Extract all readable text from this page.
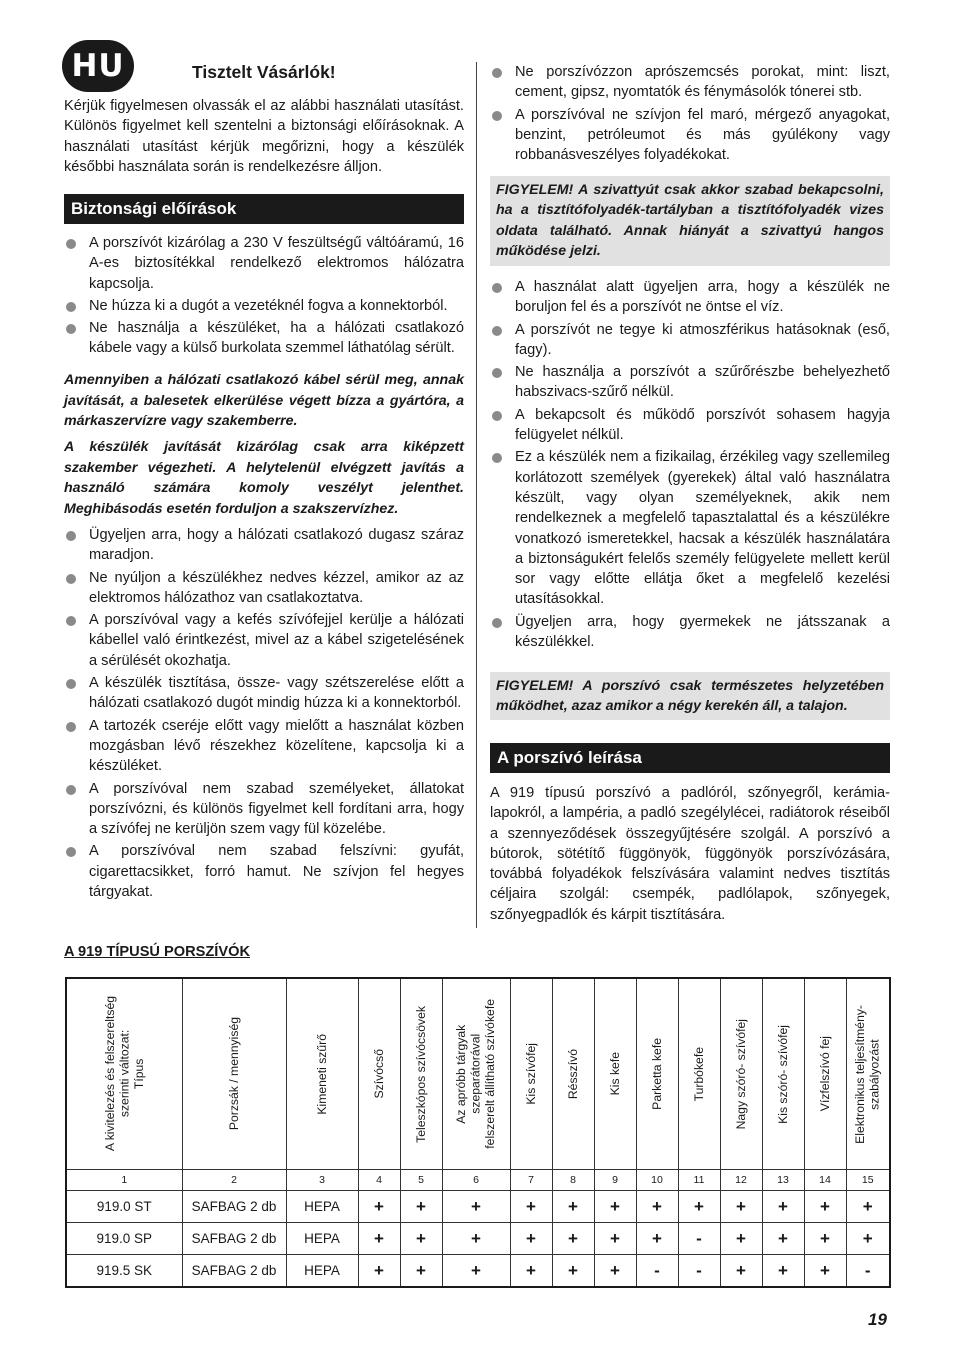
HU	Tisztelt Vásárlók!

Kérjük figyelmesen olvassák el az alábbi használati utasítást. Különös figyelmet kell szentelni a biztonsági előírásoknak. A használati utasítást kérjük megőrizni, hogy a készülék későbbi használata során is rendelkezésre álljon.

Biztonsági előírások
A porszívót kizárólag a 230 V feszültségű váltóáramú, 16 A-es biztosítékkal rendelkező elektromos hálózatra kapcsolja.
Ne húzza ki a dugót a vezetéknél fogva a konnektorból.
Ne használja a készüléket, ha a hálózati csatlakozó kábele vagy a külső burkolata szemmel láthatólag sérült.

Amennyiben a hálózati csatlakozó kábel sérül meg, annak javítását, a balesetek elkerülése végett bízza a gyártóra, a márkaszervízre vagy szakemberre.

A készülék javítását kizárólag csak arra kiképzett szakember végezheti. A helytelenül elvégzett javítás a használó számára komoly veszélyt jelenthet. Meghibásodás esetén forduljon a szakszervízhez.

Ügyeljen arra, hogy a hálózati csatlakozó dugasz száraz maradjon.
Ne nyúljon a készülékhez nedves kézzel, amikor az az elektromos hálózathoz van csatlakoztatva.
A porszívóval vagy a kefés szívófejjel kerülje a hálózati kábellel való érintkezést, mivel az a kábel szigetelésének a sérülését okozhatja.
A készülék tisztítása, össze- vagy szétszerelése előtt a hálózati csatlakozó dugót mindig húzza ki a konnektorból.
A tartozék cseréje előtt vagy mielőtt a használat közben mozgásban lévő részekhez közelítene, kapcsolja ki a készüléket.
A porszívóval nem szabad személyeket, állatokat porszívózni, és különös figyelmet kell fordítani arra, hogy a szívófej ne kerüljön szem vagy fül közelébe.
A porszívóval nem szabad felszívni: gyufát, cigarettacsikket, forró hamut. Ne szívjon fel hegyes tárgyakat.
Ne porszívózzon aprószemcsés porokat, mint: liszt, cement, gipsz, nyomtatók és fénymásolók tónerei stb.
A porszívóval ne szívjon fel maró, mérgező anyagokat, benzint, petróleumot és más gyúlékony vagy robbanásveszélyes folyadékokat.
FIGYELEM! A szivattyút csak akkor szabad bekapcsolni, ha a tisztítófolyadék-tartályban a tisztítófolyadék vizes oldata található. Annak hiányát a szivattyú hangos működése jelzi.
A használat alatt ügyeljen arra, hogy a készülék ne boruljon fel és a porszívót ne öntse el víz.
A porszívót ne tegye ki atmoszférikus hatásoknak (eső, fagy).
Ne használja a porszívót a szűrőrészbe behelyezhető habszivacs-szűrő nélkül.
A bekapcsolt és működő porszívót sohasem hagyja felügyelet nélkül.
Ez a készülék nem a fizikailag, érzékileg vagy szellemileg korlátozott személyek (gyerekek) által való használatra készült, vagy olyan személyeknek, akik nem rendelkeznek a megfelelő tapasztalattal és a készülékre vonatkozó ismeretekkel, hacsak a készülék használatára a biztonságukért felelős személy felügyelete mellett kerül sor vagy előtte ellátja őket a megfelelő kezelési utasításokkal.
Ügyeljen arra, hogy gyermekek ne játsszanak a készülékkel.
FIGYELEM! A porszívó csak természetes helyzetében működhet, azaz amikor a négy kerekén áll, a talajon.
A porszívó leírása

A 919 típusú porszívó a padlóról, szőnyegről, kerámia-lapokról, a lampéria, a padló szegélylécei, radiátorok réseiből a szennyeződések összegyűjtésére szolgál. A porszívó a bútorok, sötétítő függönyök, függönyök porszívózására, továbbá folyadékok felszívására valamint nedves tisztítás céljaira szolgál: csempék, padlólapok, szőnyegek, szőnyegpadlók és kárpit tisztítására.

A 919 TÍPUSÚ PORSZÍVÓK
A kivitelezés és felszereltség
szerinti változat:
Típus	Porzsák / mennyiség	Kimeneti szűrő	Szívócső	Teleszkópos szívócsövek	Az apróbb tárgyak
szeparátorával
felszerelt állítható szívókefe	Kis szívófej	Résszívó	Kis kefe	Parketta kefe	Turbókefe	Nagy szóró- szívófej	Kis szóró- szívófej	Vízfelszívó fej	Elektronikus teljesítmény-
szabályozást

1	2	3	4	5	6	7	8	9	10	11	12	13	14	15
919.0 ST	SAFBAG 2 db	HEPA	+	+	+	+	+	+	+	+	+	+	+	+
919.0 SP	SAFBAG 2 db	HEPA	+	+	+	+	+	+	+	-	+	+	+	+
919.5 SK	SAFBAG 2 db	HEPA	+	+	+	+	+	+	-	-	+	+	+	-
19
